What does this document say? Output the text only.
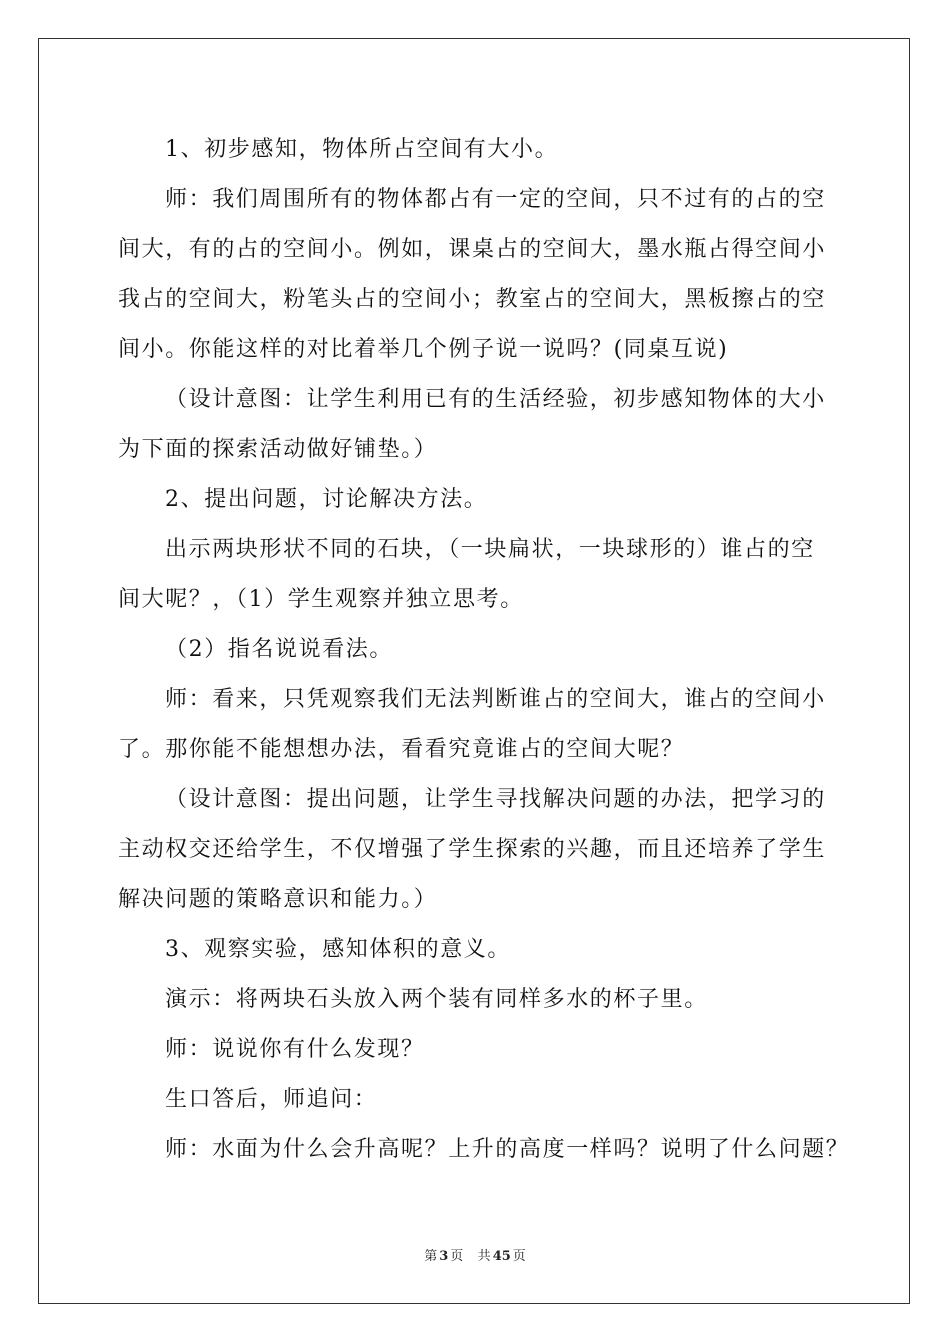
1、初步感知，物体所占空间有大小。
师：我们周围所有的物体都占有一定的空间，只不过有的占的空
间大，有的占的空间小。例如，课桌占的空间大，墨水瓶占得空间小
我占的空间大，粉笔头占的空间小；教室占的空间大，黑板擦占的空
间小。你能这样的对比着举几个例子说一说吗？(同桌互说)
（设计意图：让学生利用已有的生活经验，初步感知物体的大小
为下面的探索活动做好铺垫。）
2、提出问题，讨论解决方法。
出示两块形状不同的石块，（一块扁状，一块球形的）谁占的空
间大呢？，（1）学生观察并独立思考。
（2）指名说说看法。
师：看来，只凭观察我们无法判断谁占的空间大，谁占的空间小
了。那你能不能想想办法，看看究竟谁占的空间大呢？
（设计意图：提出问题，让学生寻找解决问题的办法，把学习的
主动权交还给学生，不仅增强了学生探索的兴趣，而且还培养了学生
解决问题的策略意识和能力。）
3、观察实验，感知体积的意义。
演示：将两块石头放入两个装有同样多水的杯子里。
师：说说你有什么发现？
生口答后，师追问：
师：水面为什么会升高呢？上升的高度一样吗？说明了什么问题？
第 3 页 共 45 页
